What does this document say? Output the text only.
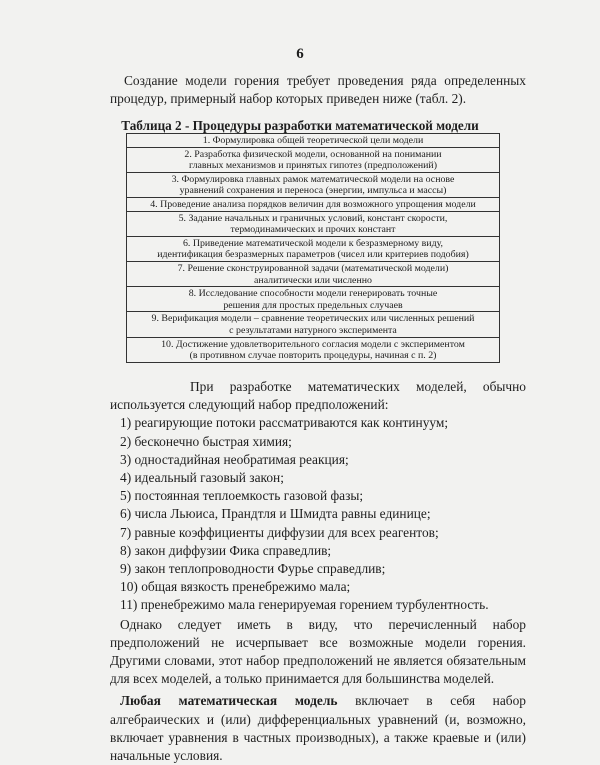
6

Создание модели горения требует проведения ряда определенных процедур, примерный набор которых приведен ниже (табл. 2).

Таблица 2 - Процедуры разработки математической модели
1. Формулировка общей теоретической цели модели

2. Разработка физической модели, основанной на понимании
главных механизмов и принятых гипотез (предположений)

3. Формулировка главных рамок математической модели на основе
уравнений сохранения и переноса (энергии, импульса и массы)

4. Проведение анализа порядков величин для возможного упрощения модели

5. Задание начальных и граничных условий, констант скорости,
термодинамических и прочих констант

6. Приведение математической модели к безразмерному виду,
идентификация безразмерных параметров (чисел или критериев подобия)

7. Решение сконструированной задачи (математической модели)
аналитически или численно

8. Исследование способности модели генерировать точные
решения для простых предельных случаев

9. Верификация модели – сравнение теоретических или численных решений
с результатами натурного эксперимента

10. Достижение удовлетворительного согласия модели с экспериментом
(в противном случае повторить процедуры, начиная с п. 2)

При разработке математических моделей, обычно используется следующий набор предположений:

1) реагирующие потоки рассматриваются как континуум;
2) бесконечно быстрая химия;
3) одностадийная необратимая реакция;
4) идеальный газовый закон;
5) постоянная теплоемкость газовой фазы;
6) числа Льюиса, Прандтля и Шмидта равны единице;
7) равные коэффициенты диффузии для всех реагентов;
8) закон диффузии Фика справедлив;
9) закон теплопроводности Фурье справедлив;
10) общая вязкость пренебрежимо мала;
11) пренебрежимо мала генерируемая горением турбулентность.

Однако следует иметь в виду, что перечисленный набор предположений не исчерпывает все возможные модели горения. Другими словами, этот набор предположений не является обязательным для всех моделей, а только принимается для большинства моделей.

Любая математическая модель включает в себя набор алгебраических и (или) дифференциальных уравнений (и, возможно, включает уравнения в частных производных), а также краевые и (или) начальные условия.
